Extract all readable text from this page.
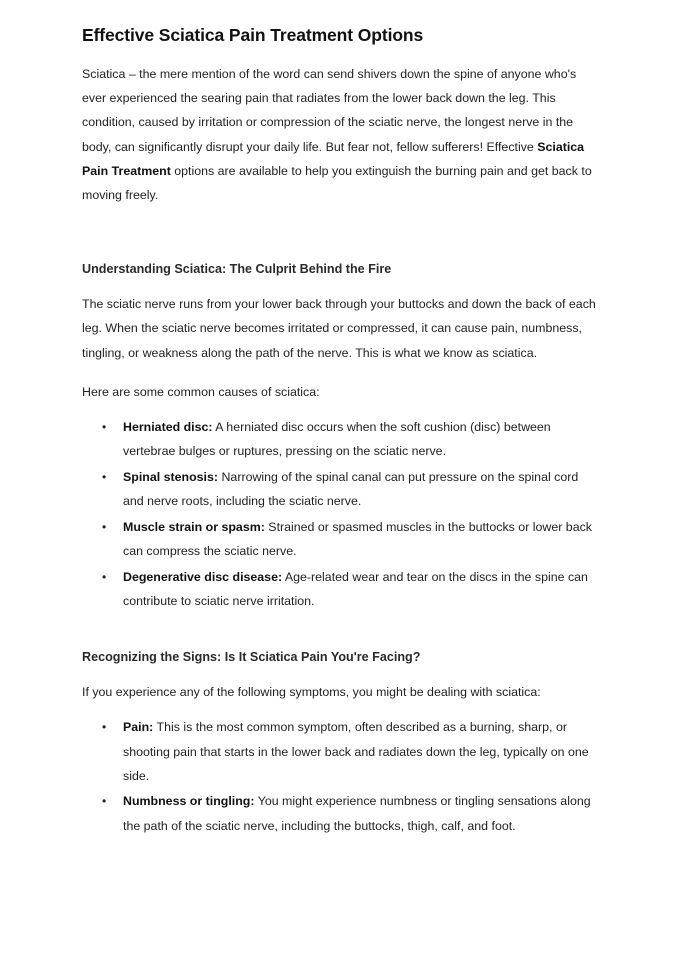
Effective Sciatica Pain Treatment Options

Sciatica – the mere mention of the word can send shivers down the spine of anyone who's ever experienced the searing pain that radiates from the lower back down the leg. This condition, caused by irritation or compression of the sciatic nerve, the longest nerve in the body, can significantly disrupt your daily life. But fear not, fellow sufferers! Effective Sciatica Pain Treatment options are available to help you extinguish the burning pain and get back to moving freely.

Understanding Sciatica: The Culprit Behind the Fire

The sciatic nerve runs from your lower back through your buttocks and down the back of each leg. When the sciatic nerve becomes irritated or compressed, it can cause pain, numbness, tingling, or weakness along the path of the nerve. This is what we know as sciatica.

Here are some common causes of sciatica:

• Herniated disc: A herniated disc occurs when the soft cushion (disc) between vertebrae bulges or ruptures, pressing on the sciatic nerve.
• Spinal stenosis: Narrowing of the spinal canal can put pressure on the spinal cord and nerve roots, including the sciatic nerve.
• Muscle strain or spasm: Strained or spasmed muscles in the buttocks or lower back can compress the sciatic nerve.
• Degenerative disc disease: Age-related wear and tear on the discs in the spine can contribute to sciatic nerve irritation.
Recognizing the Signs: Is It Sciatica Pain You're Facing?

If you experience any of the following symptoms, you might be dealing with sciatica:

• Pain: This is the most common symptom, often described as a burning, sharp, or shooting pain that starts in the lower back and radiates down the leg, typically on one side.
• Numbness or tingling: You might experience numbness or tingling sensations along the path of the sciatic nerve, including the buttocks, thigh, calf, and foot.
